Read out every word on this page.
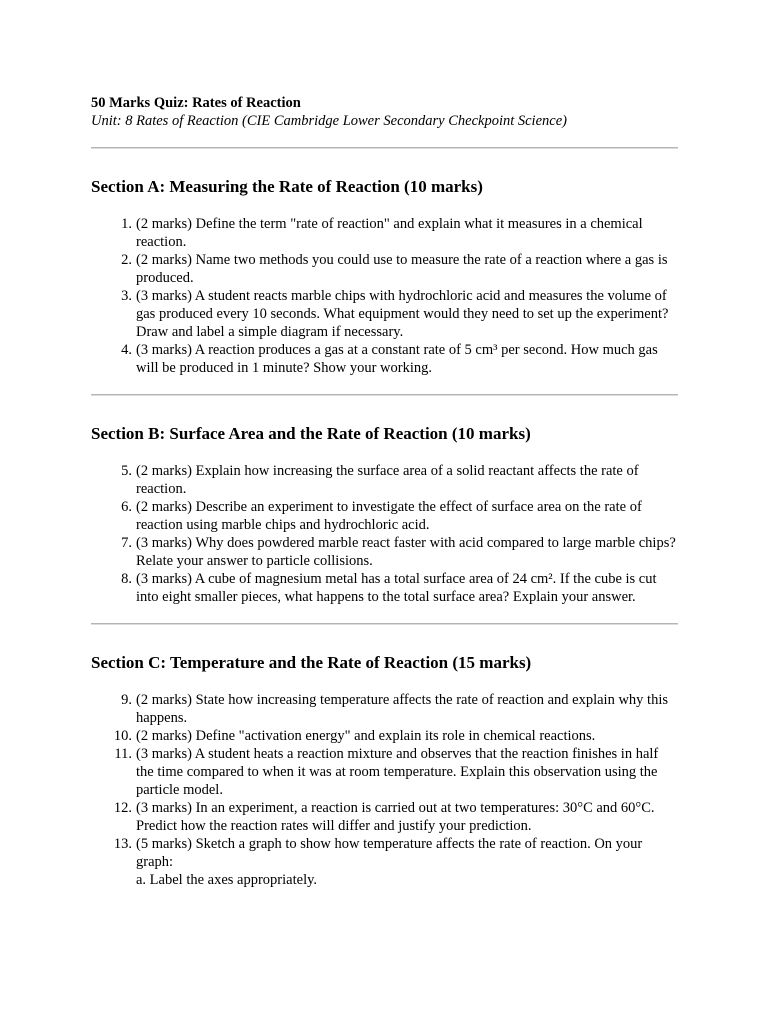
50 Marks Quiz: Rates of Reaction

Unit: 8 Rates of Reaction (CIE Cambridge Lower Secondary Checkpoint Science)

Section A: Measuring the Rate of Reaction (10 marks)
1. (2 marks) Define the term "rate of reaction" and explain what it measures in a chemical reaction.
2. (2 marks) Name two methods you could use to measure the rate of a reaction where a gas is produced.
3. (3 marks) A student reacts marble chips with hydrochloric acid and measures the volume of gas produced every 10 seconds. What equipment would they need to set up the experiment? Draw and label a simple diagram if necessary.
4. (3 marks) A reaction produces a gas at a constant rate of 5 cm³ per second. How much gas will be produced in 1 minute? Show your working.
Section B: Surface Area and the Rate of Reaction (10 marks)
5. (2 marks) Explain how increasing the surface area of a solid reactant affects the rate of reaction.
6. (2 marks) Describe an experiment to investigate the effect of surface area on the rate of reaction using marble chips and hydrochloric acid.
7. (3 marks) Why does powdered marble react faster with acid compared to large marble chips? Relate your answer to particle collisions.
8. (3 marks) A cube of magnesium metal has a total surface area of 24 cm². If the cube is cut into eight smaller pieces, what happens to the total surface area? Explain your answer.
Section C: Temperature and the Rate of Reaction (15 marks)
9. (2 marks) State how increasing temperature affects the rate of reaction and explain why this happens.
10. (2 marks) Define "activation energy" and explain its role in chemical reactions.
11. (3 marks) A student heats a reaction mixture and observes that the reaction finishes in half the time compared to when it was at room temperature. Explain this observation using the particle model.
12. (3 marks) In an experiment, a reaction is carried out at two temperatures: 30°C and 60°C. Predict how the reaction rates will differ and justify your prediction.
13. (5 marks) Sketch a graph to show how temperature affects the rate of reaction. On your graph:
a. Label the axes appropriately.
